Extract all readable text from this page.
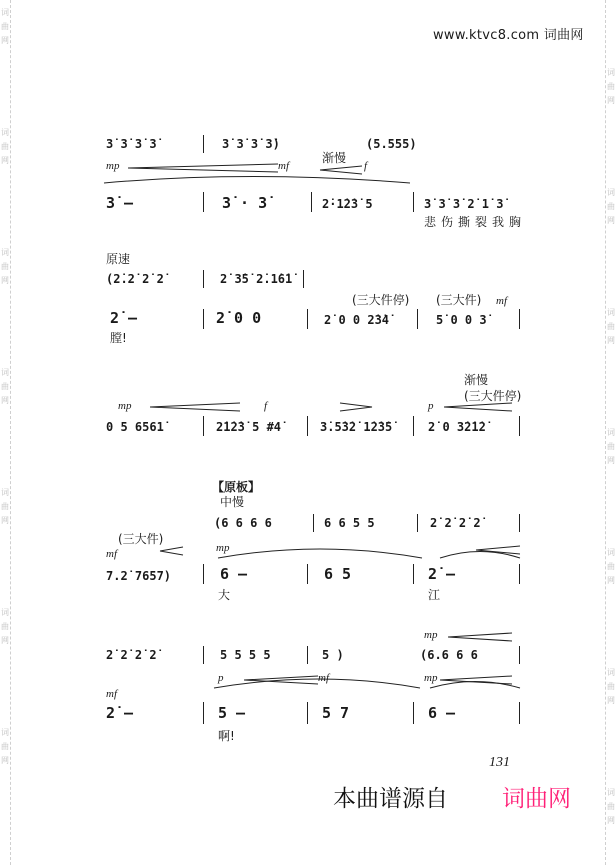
词
曲
网
词
曲
网
词
曲
网
词
曲
网
词
曲
网
词
曲
网
词
曲
网
词
曲
网
词
曲
网
词
曲
网
词
曲
网
词
曲
网
词
曲
网
词
曲
网
www.ktvc8.com 词曲网
3̇ 3̇ 3̇ 3̇	3̇ 3̇ 3̇ 3̇)	(5.555)
渐慢
mp	mf	f
3̇ –	3̇ · 3̇	2̇·1̇2̇3̇ 5	3̇ 3̇ 3̇ 2̇ 1̇ 3̇
悲伤撕裂我胸
原速
(2̇.2̇ 2̇ 2̇	2̇ 3̇5̇ 2̇.1̇6̇1̇
(三大件停) (三大件) mf
2̇ –	2̇ 0 0	2̇ 0 0 2̇3̇4̇	5̇ 0 0 3̇
膛!
渐慢
(三大件停)
mp	f	p
0 5 6561̇	2̇1̇2̇3̇ 5 #4̇	3̇.5̇3̇2̇ 1̇2̇3̇5̇	2̇ 0 3̇2̇1̇2̇
【原板】
中慢
(6 6 6 6	6 6 5 5	2̇ 2̇ 2̇ 2̇
(三大件)
mf	mp
7.2̇ 7657)	6 –	6 5	2̇ –
大	江
2̇ 2̇ 2̇ 2̇	5 5 5 5	5 )	(6.6 6 6
mp
p	mf	mp
mf
2̇ –	5 –	5 7	6 –
啊!
131
本曲谱源自 词曲网
